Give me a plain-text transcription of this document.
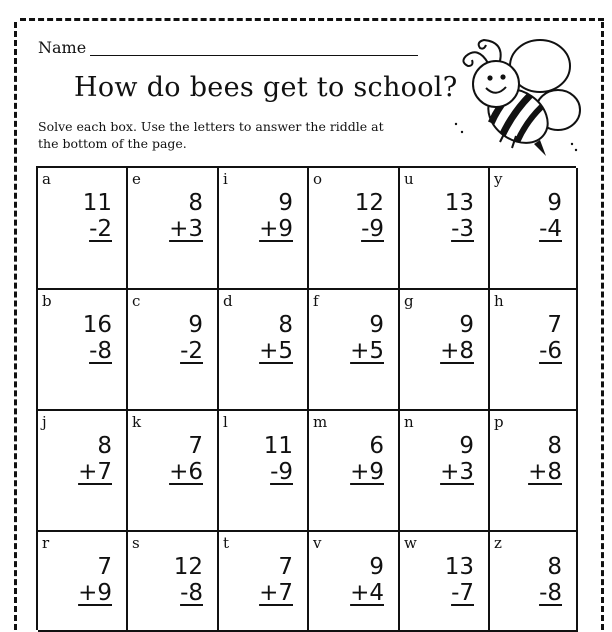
Name
How do bees get to school?
Solve each box. Use the letters to answer the riddle at the bottom of the page.
a
11
-2
e
8
+3
i
9
+9
o
12
-9
u
13
-3
y
9
-4
b
16
-8
c
9
-2
d
8
+5
f
9
+5
g
9
+8
h
7
-6
j
8
+7
k
7
+6
l
11
-9
m
6
+9
n
9
+3
p
8
+8
r
7
+9
s
12
-8
t
7
+7
v
9
+4
w
13
-7
z
8
-8
